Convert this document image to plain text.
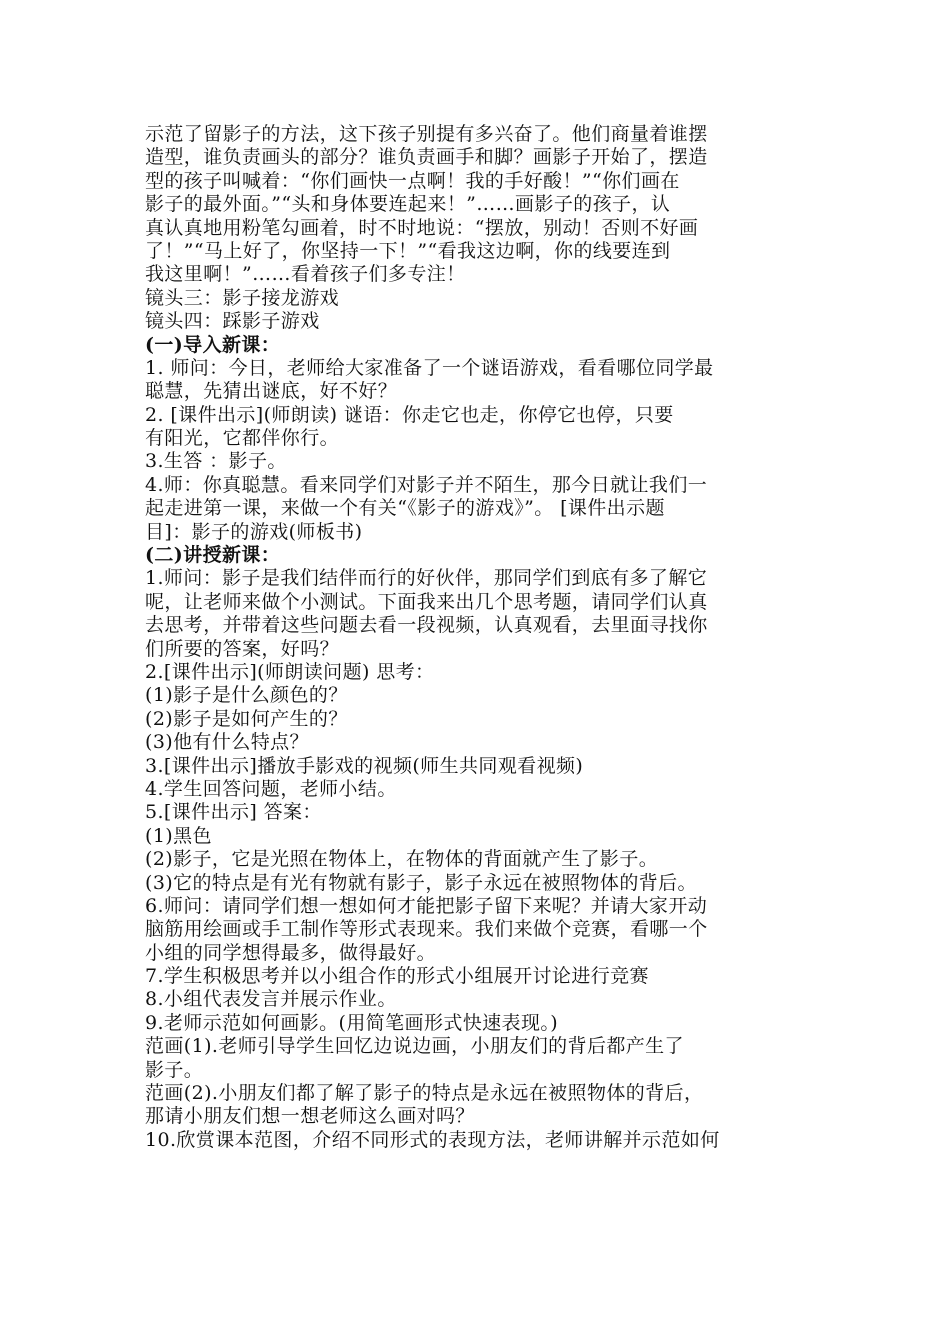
示范了留影子的方法，这下孩子别提有多兴奋了。他们商量着谁摆
造型，谁负责画头的部分？谁负责画手和脚？画影子开始了，摆造
型的孩子叫喊着：“你们画快一点啊！我的手好酸！”“你们画在
影子的最外面。”“头和身体要连起来！”……画影子的孩子，认
真认真地用粉笔勾画着，时不时地说：“摆放，别动！否则不好画
了！”“马上好了，你坚持一下！”“看我这边啊，你的线要连到
我这里啊！”……看着孩子们多专注！
镜头三：影子接龙游戏
镜头四：踩影子游戏
(一)导入新课：
1. 师问：今日，老师给大家准备了一个谜语游戏，看看哪位同学最
聪慧，先猜出谜底，好不好？
2. [课件出示](师朗读) 谜语：你走它也走，你停它也停，只要
有阳光，它都伴你行。
3.生答 ：影子。
4.师：你真聪慧。看来同学们对影子并不陌生，那今日就让我们一
起走进第一课，来做一个有关“《影子的游戏》”。 [课件出示题
目]：影子的游戏(师板书)
(二)讲授新课：
1.师问：影子是我们结伴而行的好伙伴，那同学们到底有多了解它
呢，让老师来做个小测试。下面我来出几个思考题，请同学们认真
去思考，并带着这些问题去看一段视频，认真观看，去里面寻找你
们所要的答案，好吗？
2.[课件出示](师朗读问题) 思考：
(1)影子是什么颜色的？
(2)影子是如何产生的？
(3)他有什么特点？
3.[课件出示]播放手影戏的视频(师生共同观看视频)
4.学生回答问题，老师小结。
5.[课件出示] 答案：
(1)黑色
(2)影子，它是光照在物体上，在物体的背面就产生了影子。
(3)它的特点是有光有物就有影子，影子永远在被照物体的背后。
6.师问：请同学们想一想如何才能把影子留下来呢？并请大家开动
脑筋用绘画或手工制作等形式表现来。我们来做个竞赛，看哪一个
小组的同学想得最多，做得最好。
7.学生积极思考并以小组合作的形式小组展开讨论进行竞赛
8.小组代表发言并展示作业。
9.老师示范如何画影。(用简笔画形式快速表现。)
范画(1).老师引导学生回忆边说边画，小朋友们的背后都产生了
影子。
范画(2).小朋友们都了解了影子的特点是永远在被照物体的背后，
那请小朋友们想一想老师这么画对吗？
10.欣赏课本范图，介绍不同形式的表现方法，老师讲解并示范如何
